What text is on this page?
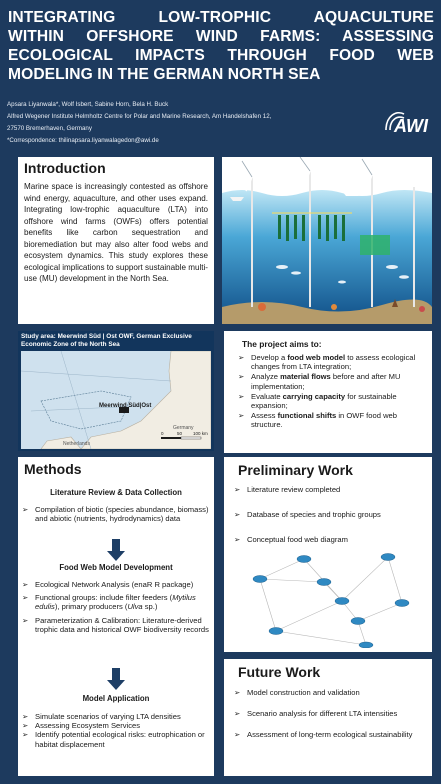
INTEGRATING LOW-TROPHIC AQUACULTURE
WITHIN OFFSHORE WIND FARMS: ASSESSING
ECOLOGICAL IMPACTS THROUGH FOOD WEB
MODELING IN THE GERMAN NORTH SEA
Apsara Liyanwala*, Wolf Isbert, Sabine Horn, Bela H. Buck
Alfred Wegener Institute Helmholtz Centre for Polar and Marine Research, Am Handelshafen 12,
27570 Bremerhaven, Germany
*Correspondence: thilinapsara.liyanwalagedon@awi.de
AWI
Introduction
Marine space is increasingly contested as offshore wind energy, aquaculture, and other uses expand. Integrating low-trophic aquaculture (LTA) into offshore wind farms (OWFs) offers potential benefits like carbon sequestration and bioremediation but may also alter food webs and ecosystem dynamics. This study explores these ecological implications to support sustainable multi-use (MU) development in the North Sea.
Study area: Meerwind Süd | Ost OWF, German Exclusive Economic Zone of the North Sea
Meerwind Süd|Ost
Germany
Netherlands
0	50 100 km
The project aims to:
➢ Develop a food web model to assess ecological changes from LTA integration;
➢ Analyze material flows before and after MU implementation;
➢ Evaluate carrying capacity for sustainable expansion;
➢ Assess functional shifts in OWF food web structure.
Methods
Literature Review & Data Collection
➢ Compilation of biotic (species abundance, biomass) and abiotic (nutrients, hydrodynamics) data
Food Web Model Development
➢ Ecological Network Analysis (enaR R package)
➢ Functional groups: include filter feeders (Mytilus edulis), primary producers (Ulva sp.)
➢ Parameterization & Calibration: Literature-derived trophic data and historical OWF biodiversity records
Model Application
➢ Simulate scenarios of varying LTA densities
➢ Assessing Ecosystem Services
➢ Identify potential ecological risks: eutrophication or habitat displacement
Preliminary Work
➢ Literature review completed
➢ Database of species and trophic groups
➢ Conceptual food web diagram
Future Work
➢ Model construction and validation
➢ Scenario analysis for different LTA intensities
➢ Assessment of long-term ecological sustainability
